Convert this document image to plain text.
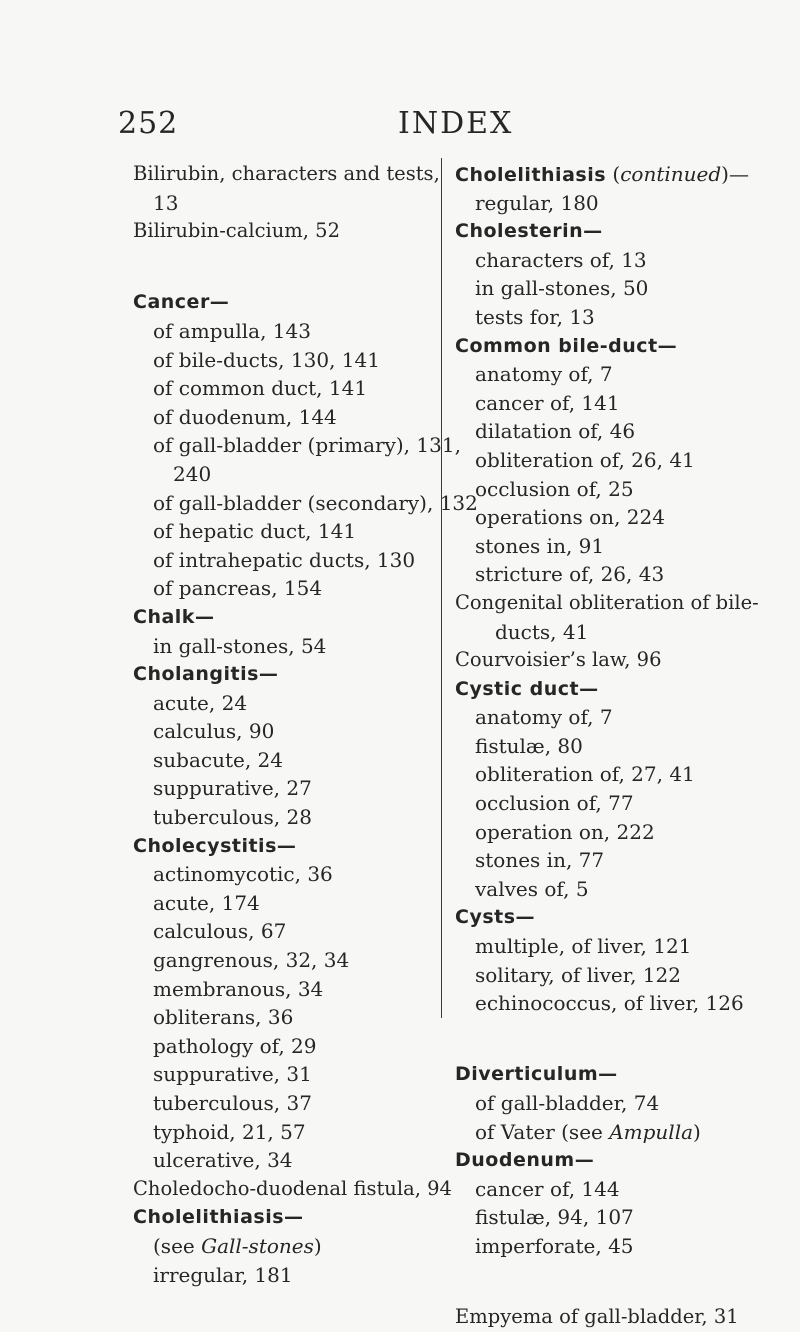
252	INDEX
Bilirubin, characters and tests,
13
Bilirubin-calcium, 52
Cancer—
of ampulla, 143
of bile-ducts, 130, 141
of common duct, 141
of duodenum, 144
of gall-bladder (primary), 131,
240
of gall-bladder (secondary), 132
of hepatic duct, 141
of intrahepatic ducts, 130
of pancreas, 154
Chalk—
in gall-stones, 54
Cholangitis—
acute, 24
calculus, 90
subacute, 24
suppurative, 27
tuberculous, 28
Cholecystitis—
actinomycotic, 36
acute, 174
calculous, 67
gangrenous, 32, 34
membranous, 34
obliterans, 36
pathology of, 29
suppurative, 31
tuberculous, 37
typhoid, 21, 57
ulcerative, 34
Choledocho-duodenal fistula, 94
Cholelithiasis—
(see Gall-stones)
irregular, 181
Cholelithiasis (continued)—
regular, 180
Cholesterin—
characters of, 13
in gall-stones, 50
tests for, 13
Common bile-duct—
anatomy of, 7
cancer of, 141
dilatation of, 46
obliteration of, 26, 41
occlusion of, 25
operations on, 224
stones in, 91
stricture of, 26, 43
Congenital obliteration of bile-
ducts, 41
Courvoisier’s law, 96
Cystic duct—
anatomy of, 7
fistulæ, 80
obliteration of, 27, 41
occlusion of, 77
operation on, 222
stones in, 77
valves of, 5
Cysts—
multiple, of liver, 121
solitary, of liver, 122
echinococcus, of liver, 126
Diverticulum—
of gall-bladder, 74
of Vater (see Ampulla)
Duodenum—
cancer of, 144
fistulæ, 94, 107
imperforate, 45
Empyema of gall-bladder, 31
